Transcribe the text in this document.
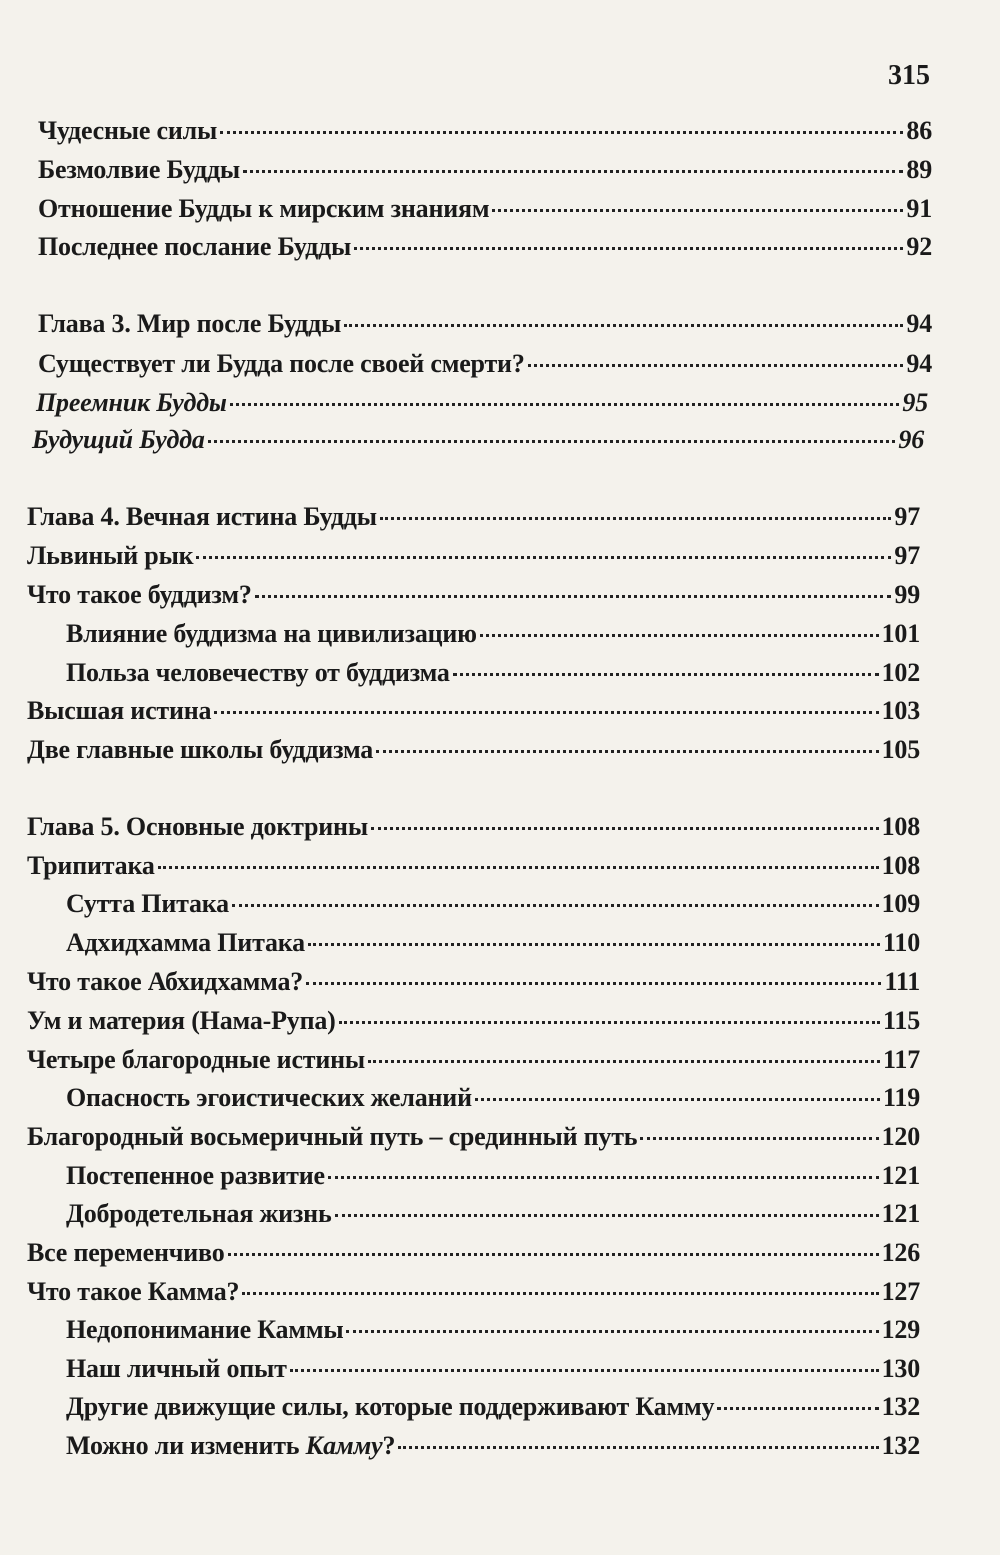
315
Чудесные силы	86
Безмолвие Будды	89
Отношение Будды к мирским знаниям	91
Последнее послание Будды	92
Глава 3. Мир после Будды	94
Существует ли Будда после своей смерти?	94
Преемник Будды	95
Будущий Будда	96
Глава 4. Вечная истина Будды	97
Львиный рык	97
Что такое буддизм?	99
Влияние буддизма на цивилизацию	101
Польза человечеству от буддизма	102
Высшая истина	103
Две главные школы буддизма	105
Глава 5. Основные доктрины	108
Трипитака	108
Сутта Питака	109
Адхидхамма Питака	110
Что такое Абхидхамма?	111
Ум и материя (Нама-Рупа)	115
Четыре благородные истины	117
Опасность эгоистических желаний	119
Благородный восьмеричный путь – срединный путь	120
Постепенное развитие	121
Добродетельная жизнь	121
Все переменчиво	126
Что такое Камма?	127
Недопонимание Каммы	129
Наш личный опыт	130
Другие движущие силы, которые поддерживают Камму	132
Можно ли изменить Камму?	132
